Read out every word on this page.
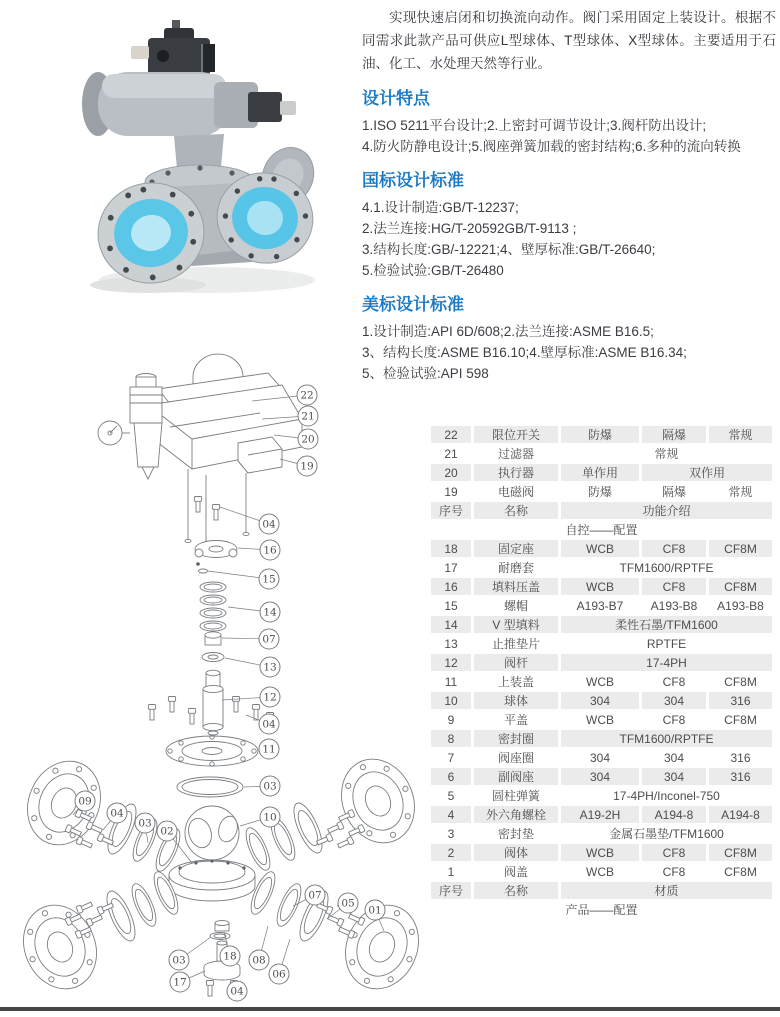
实现快速启闭和切换流向动作。阀门采用固定上装设计。根据不同需求此款产品可供应L型球体、T型球体、X型球体。主要适用于石油、化工、水处理天然等行业。

设计特点

1.ISO 5211平台设计;2.上密封可调节设计;3.阀杆防出设计;

4.防火防静电设计;5.阀座弹簧加载的密封结构;6.多种的流向转换

国标设计标准

4.1.设计制造:GB/T-12237;

2.法兰连接:HG/T-20592GB/T-9113 ;

3.结构长度:GB/-12221;4、壁厚标准:GB/T-26640;

5.检验试验:GB/T-26480

美标设计标准

1.设计制造:API 6D/608;2.法兰连接:ASME B16.5;

3、结构长度:ASME B16.10;4.壁厚标准:ASME B16.34;

5、检验试验:API 598

22
21
20
19
04
16
15
14
07
13
12
04
11
03
10
09
04
03
02
07
05
01
18
03	08
06
17
04
22	限位开关	防爆	隔爆	常规
21	过滤器	常规		
20	执行器	单作用	双作用	
19	电磁阀	防爆	隔爆	常规
序号	名称	功能介绍		
自控——配置				
18	固定座	WCB	CF8	CF8M
17	耐磨套	TFM1600/RPTFE		
16	填料压盖	WCB	CF8	CF8M
15	螺帽	A193-B7	A193-B8	A193-B8
14	V 型填料	柔性石墨/TFM1600		
13	止推垫片	RPTFE		
12	阀杆	17-4PH		
11	上装盖	WCB	CF8	CF8M
10	球体	304	304	316
9	平盖	WCB	CF8	CF8M
8	密封圈	TFM1600/RPTFE		
7	阀座圈	304	304	316
6	副阀座	304	304	316
5	圆柱弹簧	17-4PH/Inconel-750		
4	外六角螺栓	A19-2H	A194-8	A194-8
3	密封垫	金属石墨垫/TFM1600		
2	阀体	WCB	CF8	CF8M
1	阀盖	WCB	CF8	CF8M
序号	名称	材质		
产品——配置				
